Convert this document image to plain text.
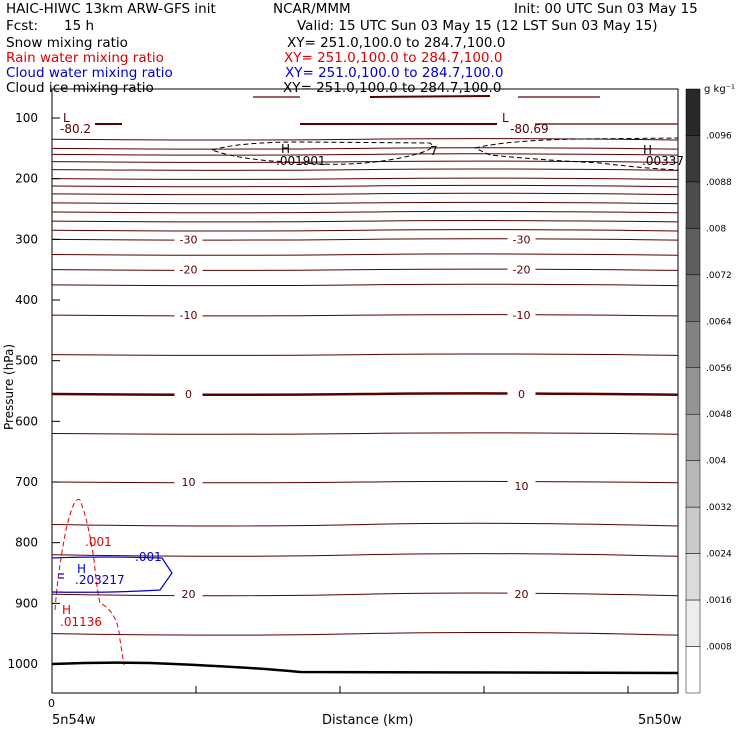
HAIC-HIWC 13km ARW-GFS init	NCAR/MMM	Init: 00 UTC Sun 03 May 15
Fcst: 15 h	Valid: 15 UTC Sun 03 May 15 (12 LST Sun 03 May 15)
Snow mixing ratio	XY= 251.0,100.0 to 284.7,100.0
Rain water mixing ratio	XY= 251.0,100.0 to 284.7,100.0
Cloud water mixing ratio	XY= 251.0,100.0 to 284.7,100.0
Cloud ice mixing ratio	XY= 251.0,100.0 to 284.7,100.0
-30	-30
-20	-20
-10	-10
0	0
10	10
20	20
100
200
300
400
500
600
700
800
900
1000
.0096
.0088
.008
.0072
.0064
.0056
.0048
.004
.0032
.0024
.0016
.0008
L
-80.2
L
-80.69
H
.001901
H
.00337
H
.203217
H
.01136
.001
.001
7
Pressure (hPa)
Distance (km)
5n54w	5n50w
0
g kg⁻¹
